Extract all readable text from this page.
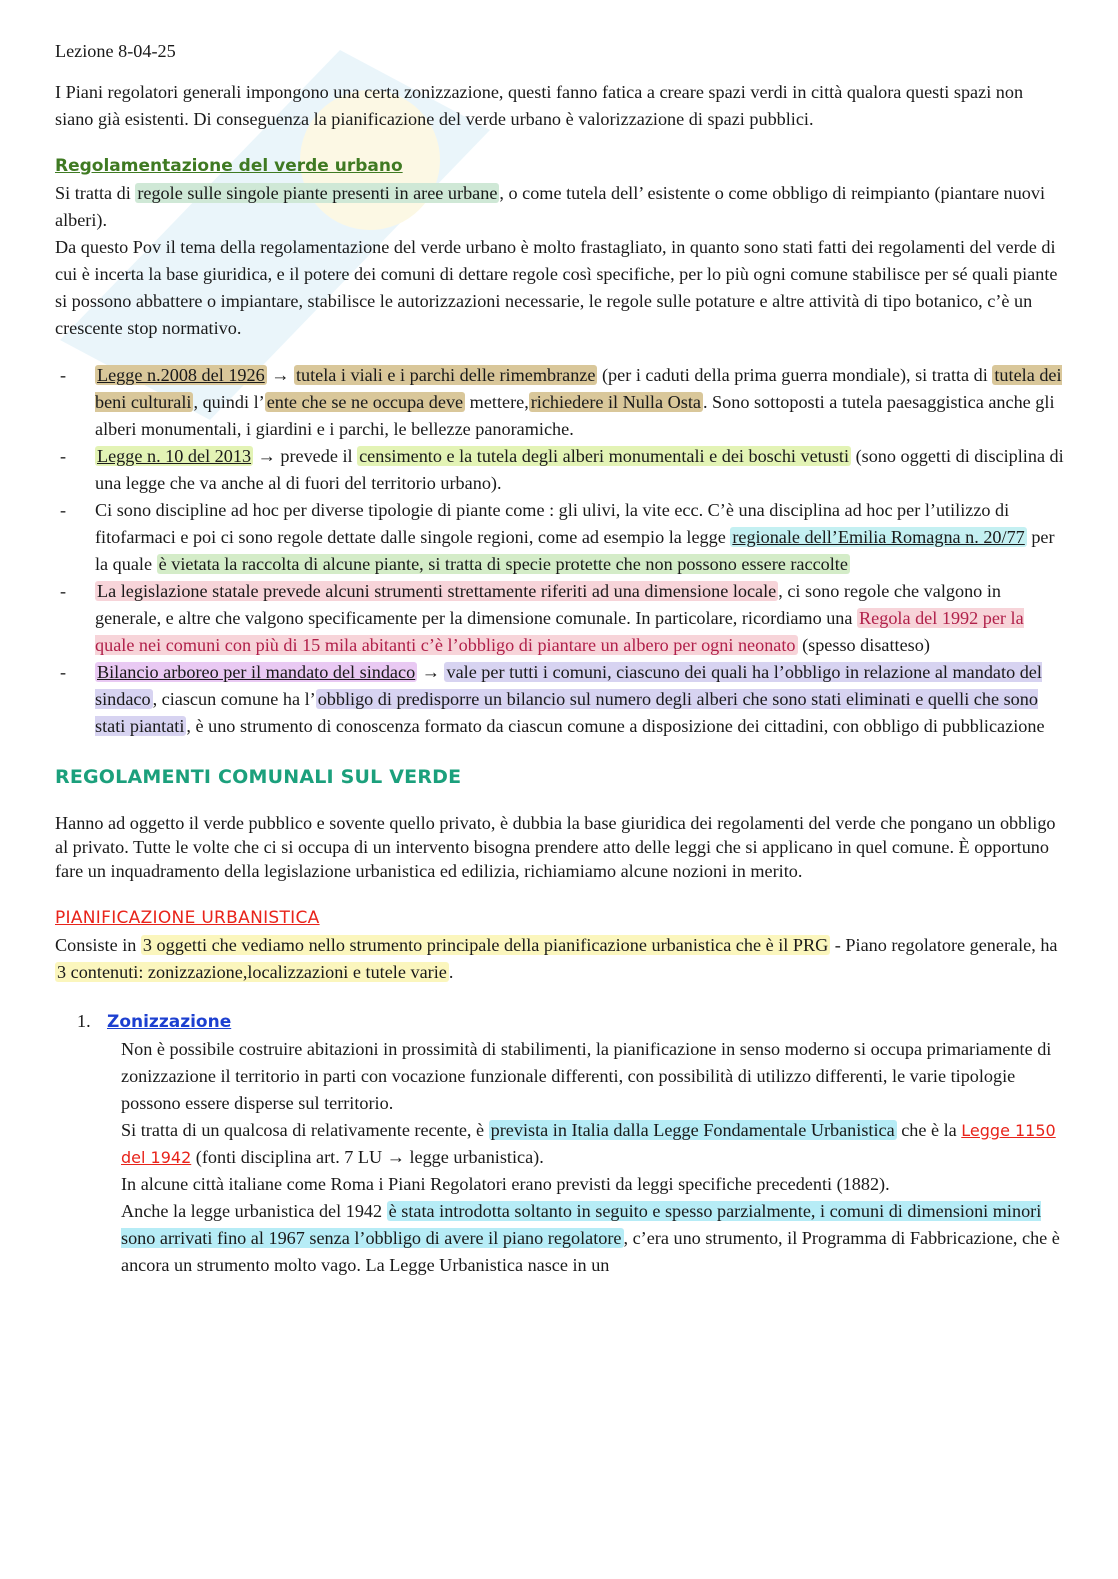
Lezione 8-04-25

I Piani regolatori generali impongono una certa zonizzazione, questi fanno fatica a creare spazi verdi in città qualora questi spazi non siano già esistenti. Di conseguenza la pianificazione del verde urbano è valorizzazione di spazi pubblici.

Regolamentazione del verde urbano

Si tratta di regole sulle singole piante presenti in aree urbane , o come tutela dell’ esistente o come obbligo di reimpianto (piantare nuovi alberi).

Da questo Pov il tema della regolamentazione del verde urbano è molto frastagliato, in quanto sono stati fatti dei regolamenti del verde di cui è incerta la base giuridica, e il potere dei comuni di dettare regole così specifiche, per lo più ogni comune stabilisce per sé quali piante si possono abbattere o impiantare, stabilisce le autorizzazioni necessarie, le regole sulle potature e altre attività di tipo botanico, c’è un crescente stop normativo.

- Legge n.2008 del 1926 → tutela i viali e i parchi delle rimembranze (per i caduti della prima guerra mondiale), si tratta di tutela dei beni culturali , quindi l’ ente che se ne occupa deve mettere, richiedere il Nulla Osta . Sono sottoposti a tutela paesaggistica anche gli alberi monumentali, i giardini e i parchi, le bellezze panoramiche.
- Legge n. 10 del 2013 → prevede il censimento e la tutela degli alberi monumentali e dei boschi vetusti (sono oggetti di disciplina di una legge che va anche al di fuori del territorio urbano).
- Ci sono discipline ad hoc per diverse tipologie di piante come : gli ulivi, la vite ecc. C’è una disciplina ad hoc per l’utilizzo di fitofarmaci e poi ci sono regole dettate dalle singole regioni, come ad esempio la legge regionale dell’Emilia Romagna n. 20/77 per la quale è vietata la raccolta di alcune piante, si tratta di specie protette che non possono essere raccolte
- La legislazione statale prevede alcuni strumenti strettamente riferiti ad una dimensione locale , ci sono regole che valgono in generale, e altre che valgono specificamente per la dimensione comunale. In particolare, ricordiamo una Regola del 1992 per la quale nei comuni con più di 15 mila abitanti c’è l’obbligo di piantare un albero per ogni neonato (spesso disatteso)
- Bilancio arboreo per il mandato del sindaco → vale per tutti i comuni, ciascuno dei quali ha l’obbligo in relazione al mandato del sindaco , ciascun comune ha l’ obbligo di predisporre un bilancio sul numero degli alberi che sono stati eliminati e quelli che sono stati piantati , è uno strumento di conoscenza formato da ciascun comune a disposizione dei cittadini, con obbligo di pubblicazione

REGOLAMENTI COMUNALI SUL VERDE

Hanno ad oggetto il verde pubblico e sovente quello privato, è dubbia la base giuridica dei regolamenti del verde che pongano un obbligo al privato. Tutte le volte che ci si occupa di un intervento bisogna prendere atto delle leggi che si applicano in quel comune. È opportuno fare un inquadramento della legislazione urbanistica ed edilizia, richiamiamo alcune nozioni in merito.

PIANIFICAZIONE URBANISTICA

Consiste in 3 oggetti che vediamo nello strumento principale della pianificazione urbanistica che è il PRG - Piano regolatore generale, ha 3 contenuti: zonizzazione,localizzazioni e tutele varie .

1. Zonizzazione

Non è possibile costruire abitazioni in prossimità di stabilimenti, la pianificazione in senso moderno si occupa primariamente di zonizzazione il territorio in parti con vocazione funzionale differenti, con possibilità di utilizzo differenti, le varie tipologie possono essere disperse sul territorio.

Si tratta di un qualcosa di relativamente recente, è prevista in Italia dalla Legge Fondamentale Urbanistica che è la Legge 1150 del 1942 (fonti disciplina art. 7 LU → legge urbanistica).

In alcune città italiane come Roma i Piani Regolatori erano previsti da leggi specifiche precedenti (1882).

Anche la legge urbanistica del 1942 è stata introdotta soltanto in seguito e spesso parzialmente, i comuni di dimensioni minori sono arrivati fino al 1967 senza l’obbligo di avere il piano regolatore , c’era uno strumento, il Programma di Fabbricazione, che è ancora un strumento molto vago. La Legge Urbanistica nasce in un
